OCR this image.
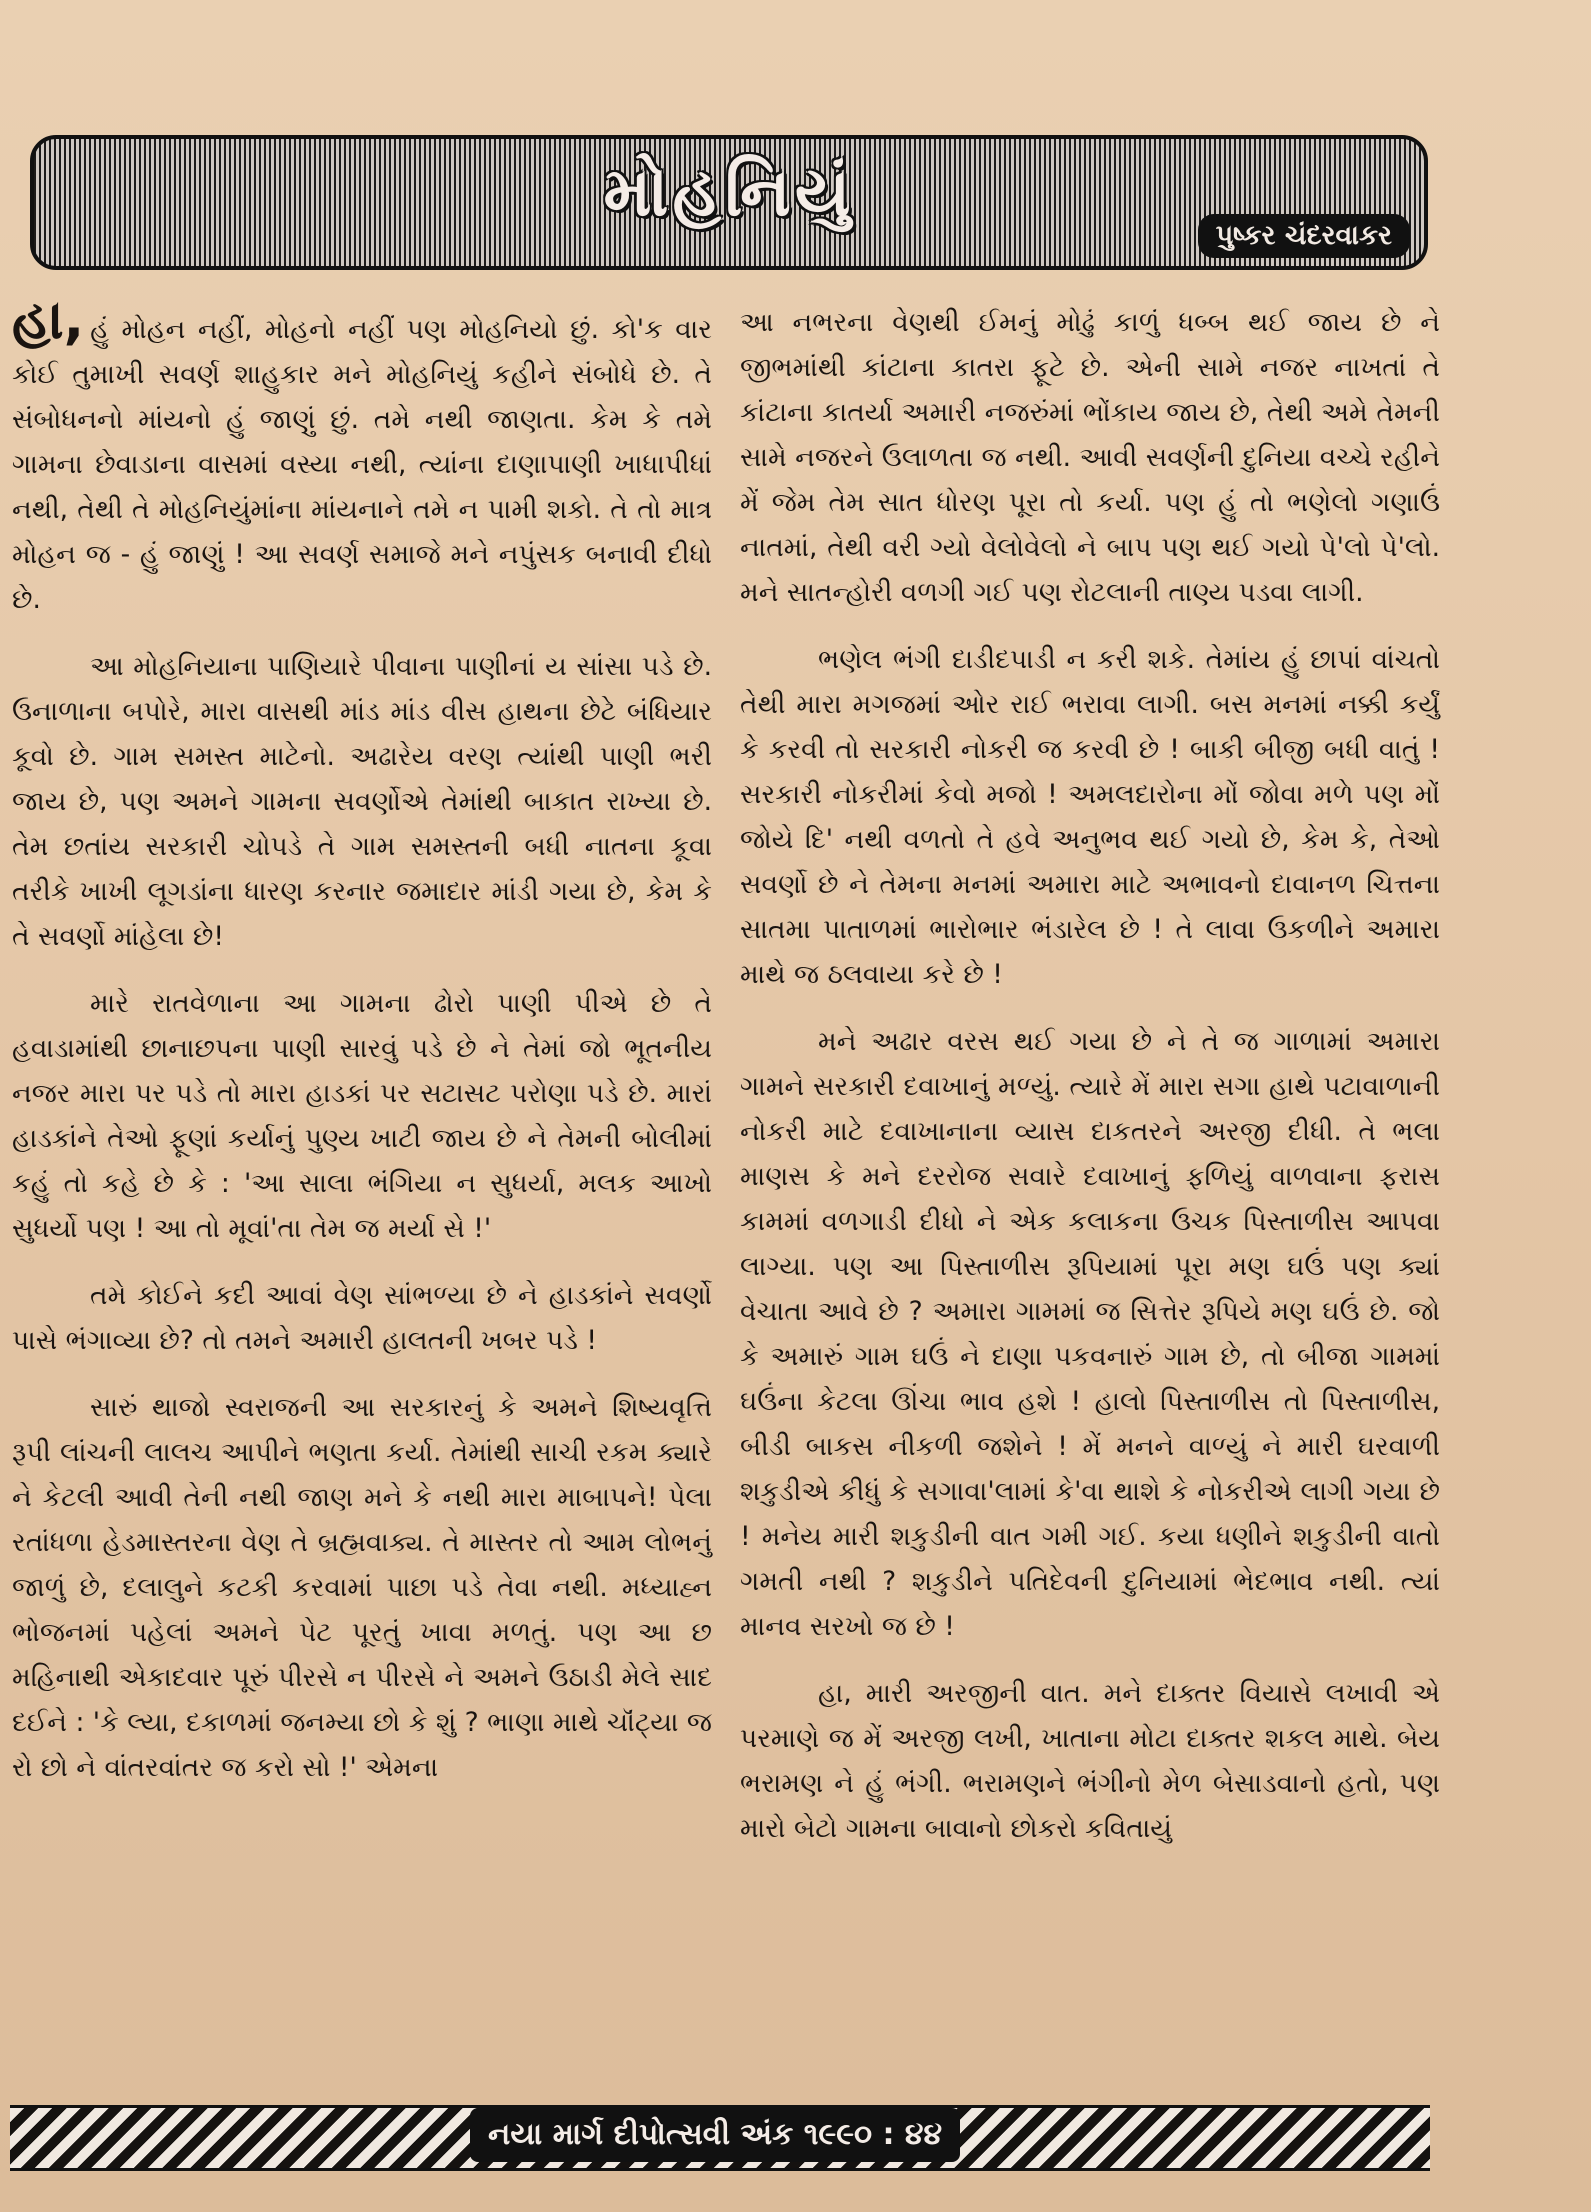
મોહનિયું
પુષ્કર ચંદરવાકર

હા, હું મોહન નહીં, મોહનો નહીં પણ મોહનિયો છું. કો'ક વાર કોઈ તુમાખી સવર્ણ શાહુકાર મને મોહનિયું કહીને સંબોધે છે. તે સંબોધનનો માંયનો હું જાણું છું. તમે નથી જાણતા. કેમ કે તમે ગામના છેવાડાના વાસમાં વસ્યા નથી, ત્યાંના દાણાપાણી ખાધાપીધાં નથી, તેથી તે મોહનિયુંમાંના માંયનાને તમે ન પામી શકો. તે તો માત્ર મોહન જ - હું જાણું ! આ સવર્ણ સમાજે મને નપુંસક બનાવી દીધો છે.

આ મોહનિયાના પાણિયારે પીવાના પાણીનાં ય સાંસા પડે છે. ઉનાળાના બપોરે, મારા વાસથી માંડ માંડ વીસ હાથના છેટે બંધિયાર કૂવો છે. ગામ સમસ્ત માટેનો. અઢારેય વરણ ત્યાંથી પાણી ભરી જાય છે, પણ અમને ગામના સવર્ણોએ તેમાંથી બાકાત રાખ્યા છે. તેમ છતાંય સરકારી ચોપડે તે ગામ સમસ્તની બધી નાતના કૂવા તરીકે ખાખી લૂગડાંના ધારણ કરનાર જમાદાર માંડી ગયા છે, કેમ કે તે સવર્ણો માંહેલા છે!

મારે રાતવેળાના આ ગામના ઢોરો પાણી પીએ છે તે હવાડામાંથી છાનાછપના પાણી સારવું પડે છે ને તેમાં જો ભૂતનીય નજર મારા પર પડે તો મારા હાડકાં પર સટાસટ પરોણા પડે છે. મારાં હાડકાંને તેઓ ફૂણાં કર્યાનું પુણ્ય ખાટી જાય છે ને તેમની બોલીમાં કહું તો કહે છે કે : 'આ સાલા ભંગિયા ન સુધર્યા, મલક આખો સુધર્યો પણ ! આ તો મૂવાં'તા તેમ જ મર્યા સે !'

તમે કોઈને કદી આવાં વેણ સાંભળ્યા છે ને હાડકાંને સવર્ણો પાસે ભંગાવ્યા છે? તો તમને અમારી હાલતની ખબર પડે !

સારું થાજો સ્વરાજની આ સરકારનું કે અમને શિષ્યવૃત્તિ રૂપી લાંચની લાલચ આપીને ભણતા કર્યા. તેમાંથી સાચી રકમ ક્યારે ને કેટલી આવી તેની નથી જાણ મને કે નથી મારા માબાપને! પેલા રતાંધળા હેડમાસ્તરના વેણ તે બ્રહ્મવાક્ય. તે માસ્તર તો આમ લોભનું જાળું છે, દલાલુને કટકી કરવામાં પાછા પડે તેવા નથી. મધ્યાહ્ન ભોજનમાં પહેલાં અમને પેટ પૂરતું ખાવા મળતું. પણ આ છ મહિનાથી એકાદવાર પૂરું પીરસે ન પીરસે ને અમને ઉઠાડી મેલે સાદ દઈને : 'કે લ્યા, દકાળમાં જનમ્યા છો કે શું ? ભાણા માથે ચૉંટ્યા જ રો છો ને વાંતરવાંતર જ કરો સો !' એમના

આ નભરના વેણથી ઈમનું મોઢું કાળું ધબ્બ થઈ જાય છે ને જીભમાંથી કાંટાના કાતરા ફૂટે છે. એની સામે નજર નાખતાં તે કાંટાના કાતર્યા અમારી નજરુંમાં ભોંકાય જાય છે, તેથી અમે તેમની સામે નજરને ઉલાળતા જ નથી. આવી સવર્ણની દુનિયા વચ્ચે રહીને મેં જેમ તેમ સાત ધોરણ પૂરા તો કર્યા. પણ હું તો ભણેલો ગણાઉં નાતમાં, તેથી વરી ગ્યો વેલોવેલો ને બાપ પણ થઈ ગયો પે'લો પે'લો. મને સાતન્હોરી વળગી ગઈ પણ રોટલાની તાણ્ય પડવા લાગી.

ભણેલ ભંગી દાડીદપાડી ન કરી શકે. તેમાંય હું છાપાં વાંચતો તેથી મારા મગજમાં ઓર રાઈ ભરાવા લાગી. બસ મનમાં નક્કી કર્યું કે કરવી તો સરકારી નોકરી જ કરવી છે ! બાકી બીજી બધી વાતું ! સરકારી નોકરીમાં કેવો મજો ! અમલદારોના મોં જોવા મળે પણ મોં જોયે દિ' નથી વળતો તે હવે અનુભવ થઈ ગયો છે, કેમ કે, તેઓ સવર્ણો છે ને તેમના મનમાં અમારા માટે અભાવનો દાવાનળ ચિત્તના સાતમા પાતાળમાં ભારોભાર ભંડારેલ છે ! તે લાવા ઉકળીને અમારા માથે જ ઠલવાયા કરે છે !

મને અઢાર વરસ થઈ ગયા છે ને તે જ ગાળામાં અમારા ગામને સરકારી દવાખાનું મળ્યું. ત્યારે મેં મારા સગા હાથે પટાવાળાની નોકરી માટે દવાખાનાના વ્યાસ દાકતરને અરજી દીધી. તે ભલા માણસ કે મને દરરોજ સવારે દવાખાનું ફળિયું વાળવાના ફરાસ કામમાં વળગાડી દીધો ને એક કલાકના ઉચક પિસ્તાળીસ આપવા લાગ્યા. પણ આ પિસ્તાળીસ રૂપિયામાં પૂરા મણ ઘઉં પણ ક્યાં વેચાતા આવે છે ? અમારા ગામમાં જ સિત્તેર રૂપિયે મણ ઘઉં છે. જો કે અમારું ગામ ઘઉં ને દાણા પકવનારું ગામ છે, તો બીજા ગામમાં ઘઉંના કેટલા ઊંચા ભાવ હશે ! હાલો પિસ્તાળીસ તો પિસ્તાળીસ, બીડી બાકસ નીકળી જશેને ! મેં મનને વાળ્યું ને મારી ઘરવાળી શકુડીએ કીધું કે સગાવા'લામાં કે'વા થાશે કે નોકરીએ લાગી ગયા છે ! મનેય મારી શકુડીની વાત ગમી ગઈ. કયા ધણીને શકુડીની વાતો ગમતી નથી ? શકુડીને પતિદેવની દુનિયામાં ભેદભાવ નથી. ત્યાં માનવ સરખો જ છે !

હા, મારી અરજીની વાત. મને દાક્તર વિયાસે લખાવી એ પરમાણે જ મેં અરજી લખી, ખાતાના મોટા દાક્તર શકલ માથે. બેય ભરામણ ને હું ભંગી. ભરામણને ભંગીનો મેળ બેસાડવાનો હતો, પણ મારો બેટો ગામના બાવાનો છોકરો કવિતાયું

નયા માર્ગ દીપોત્સવી અંક ૧૯૯૦ : ૪૪
